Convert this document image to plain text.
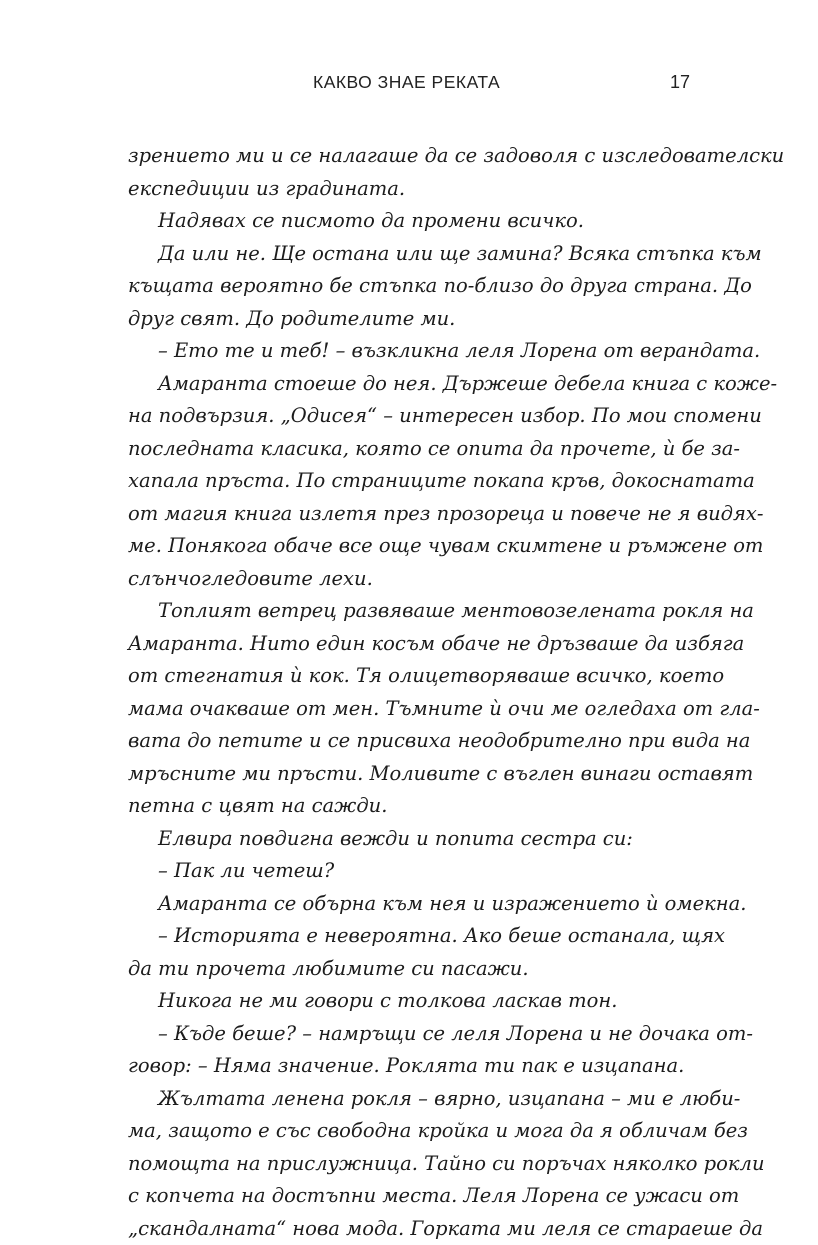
КАКВО ЗНАЕ РЕКАТА	17
зрението ми и се налагаше да се задоволя с изследователски
експедиции из градината.
Надявах се писмото да промени всичко.
Да или не. Ще остана или ще замина? Всяка стъпка към
къщата вероятно бе стъпка по-близо до друга страна. До
друг свят. До родителите ми.
– Ето те и теб! – възкликна леля Лорена от верандата.
Амаранта стоеше до нея. Държеше дебела книга с коже-
на подвързия. „Одисея“ – интересен избор. По мои спомени
последната класика, която се опита да прочете, ѝ бе за-
хапала пръста. По страниците покапа кръв, докоснатата
от магия книга излетя през прозореца и повече не я видях-
ме. Понякога обаче все още чувам скимтене и ръмжене от
слънчогледовите лехи.
Топлият ветрец развяваше ментовозелената рокля на
Амаранта. Нито един косъм обаче не дръзваше да избяга
от стегнатия ѝ кок. Тя олицетворяваше всичко, което
мама очакваше от мен. Тъмните ѝ очи ме огледаха от гла-
вата до петите и се присвиха неодобрително при вида на
мръсните ми пръсти. Моливите с въглен винаги оставят
петна с цвят на сажди.
Елвира повдигна вежди и попита сестра си:
– Пак ли четеш?
Амаранта се обърна към нея и изражението ѝ омекна.
– Историята е невероятна. Ако беше останала, щях
да ти прочета любимите си пасажи.
Никога не ми говори с толкова ласкав тон.
– Къде беше? – намръщи се леля Лорена и не дочака от-
говор: – Няма значение. Роклята ти пак е изцапана.
Жълтата ленена рокля – вярно, изцапана – ми е люби-
ма, защото е със свободна кройка и мога да я обличам без
помощта на прислужница. Тайно си поръчах няколко рокли
с копчета на достъпни места. Леля Лорена се ужаси от
„скандалната“ нова мода. Горката ми леля се стараеше да
